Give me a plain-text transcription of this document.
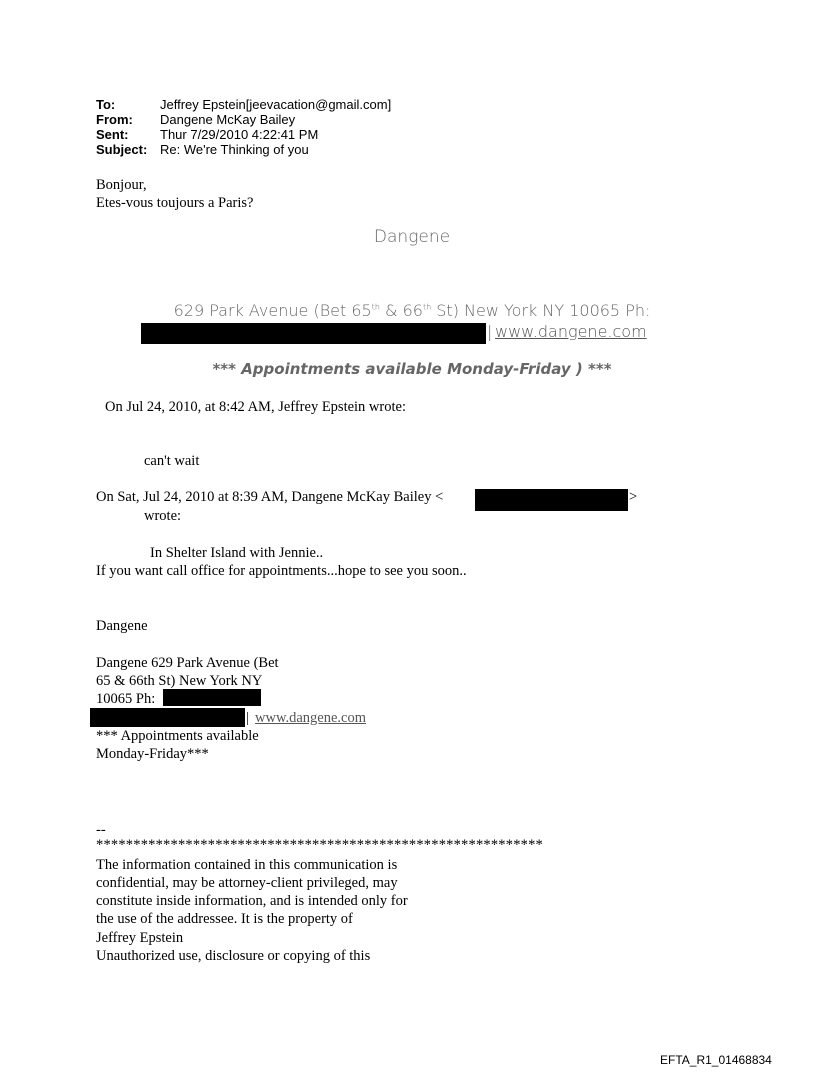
To:	Jeffrey Epstein[jeevacation@gmail.com]
From: Dangene McKay Bailey
Sent: Thur 7/29/2010 4:22:41 PM
Subject: Re: We're Thinking of you
Bonjour,
Etes-vous toujours a Paris?
Dangene
629 Park Avenue (Bet 65th & 66th St) New York NY 10065 Ph:
| www.dangene.com
*** Appointments available Monday-Friday ) ***
On Jul 24, 2010, at 8:42 AM, Jeffrey Epstein wrote:
can't wait
On Sat, Jul 24, 2010 at 8:39 AM, Dangene McKay Bailey <	>
wrote:
In Shelter Island with Jennie..
If you want call office for appointments...hope to see you soon..
Dangene
Dangene 629 Park Avenue (Bet
65 & 66th St) New York NY
10065 Ph:
| www.dangene.com
*** Appointments available
Monday-Friday***
--
************************************************************
The information contained in this communication is
confidential, may be attorney-client privileged, may
constitute inside information, and is intended only for
the use of the addressee. It is the property of
Jeffrey Epstein
Unauthorized use, disclosure or copying of this
EFTA_R1_01468834
